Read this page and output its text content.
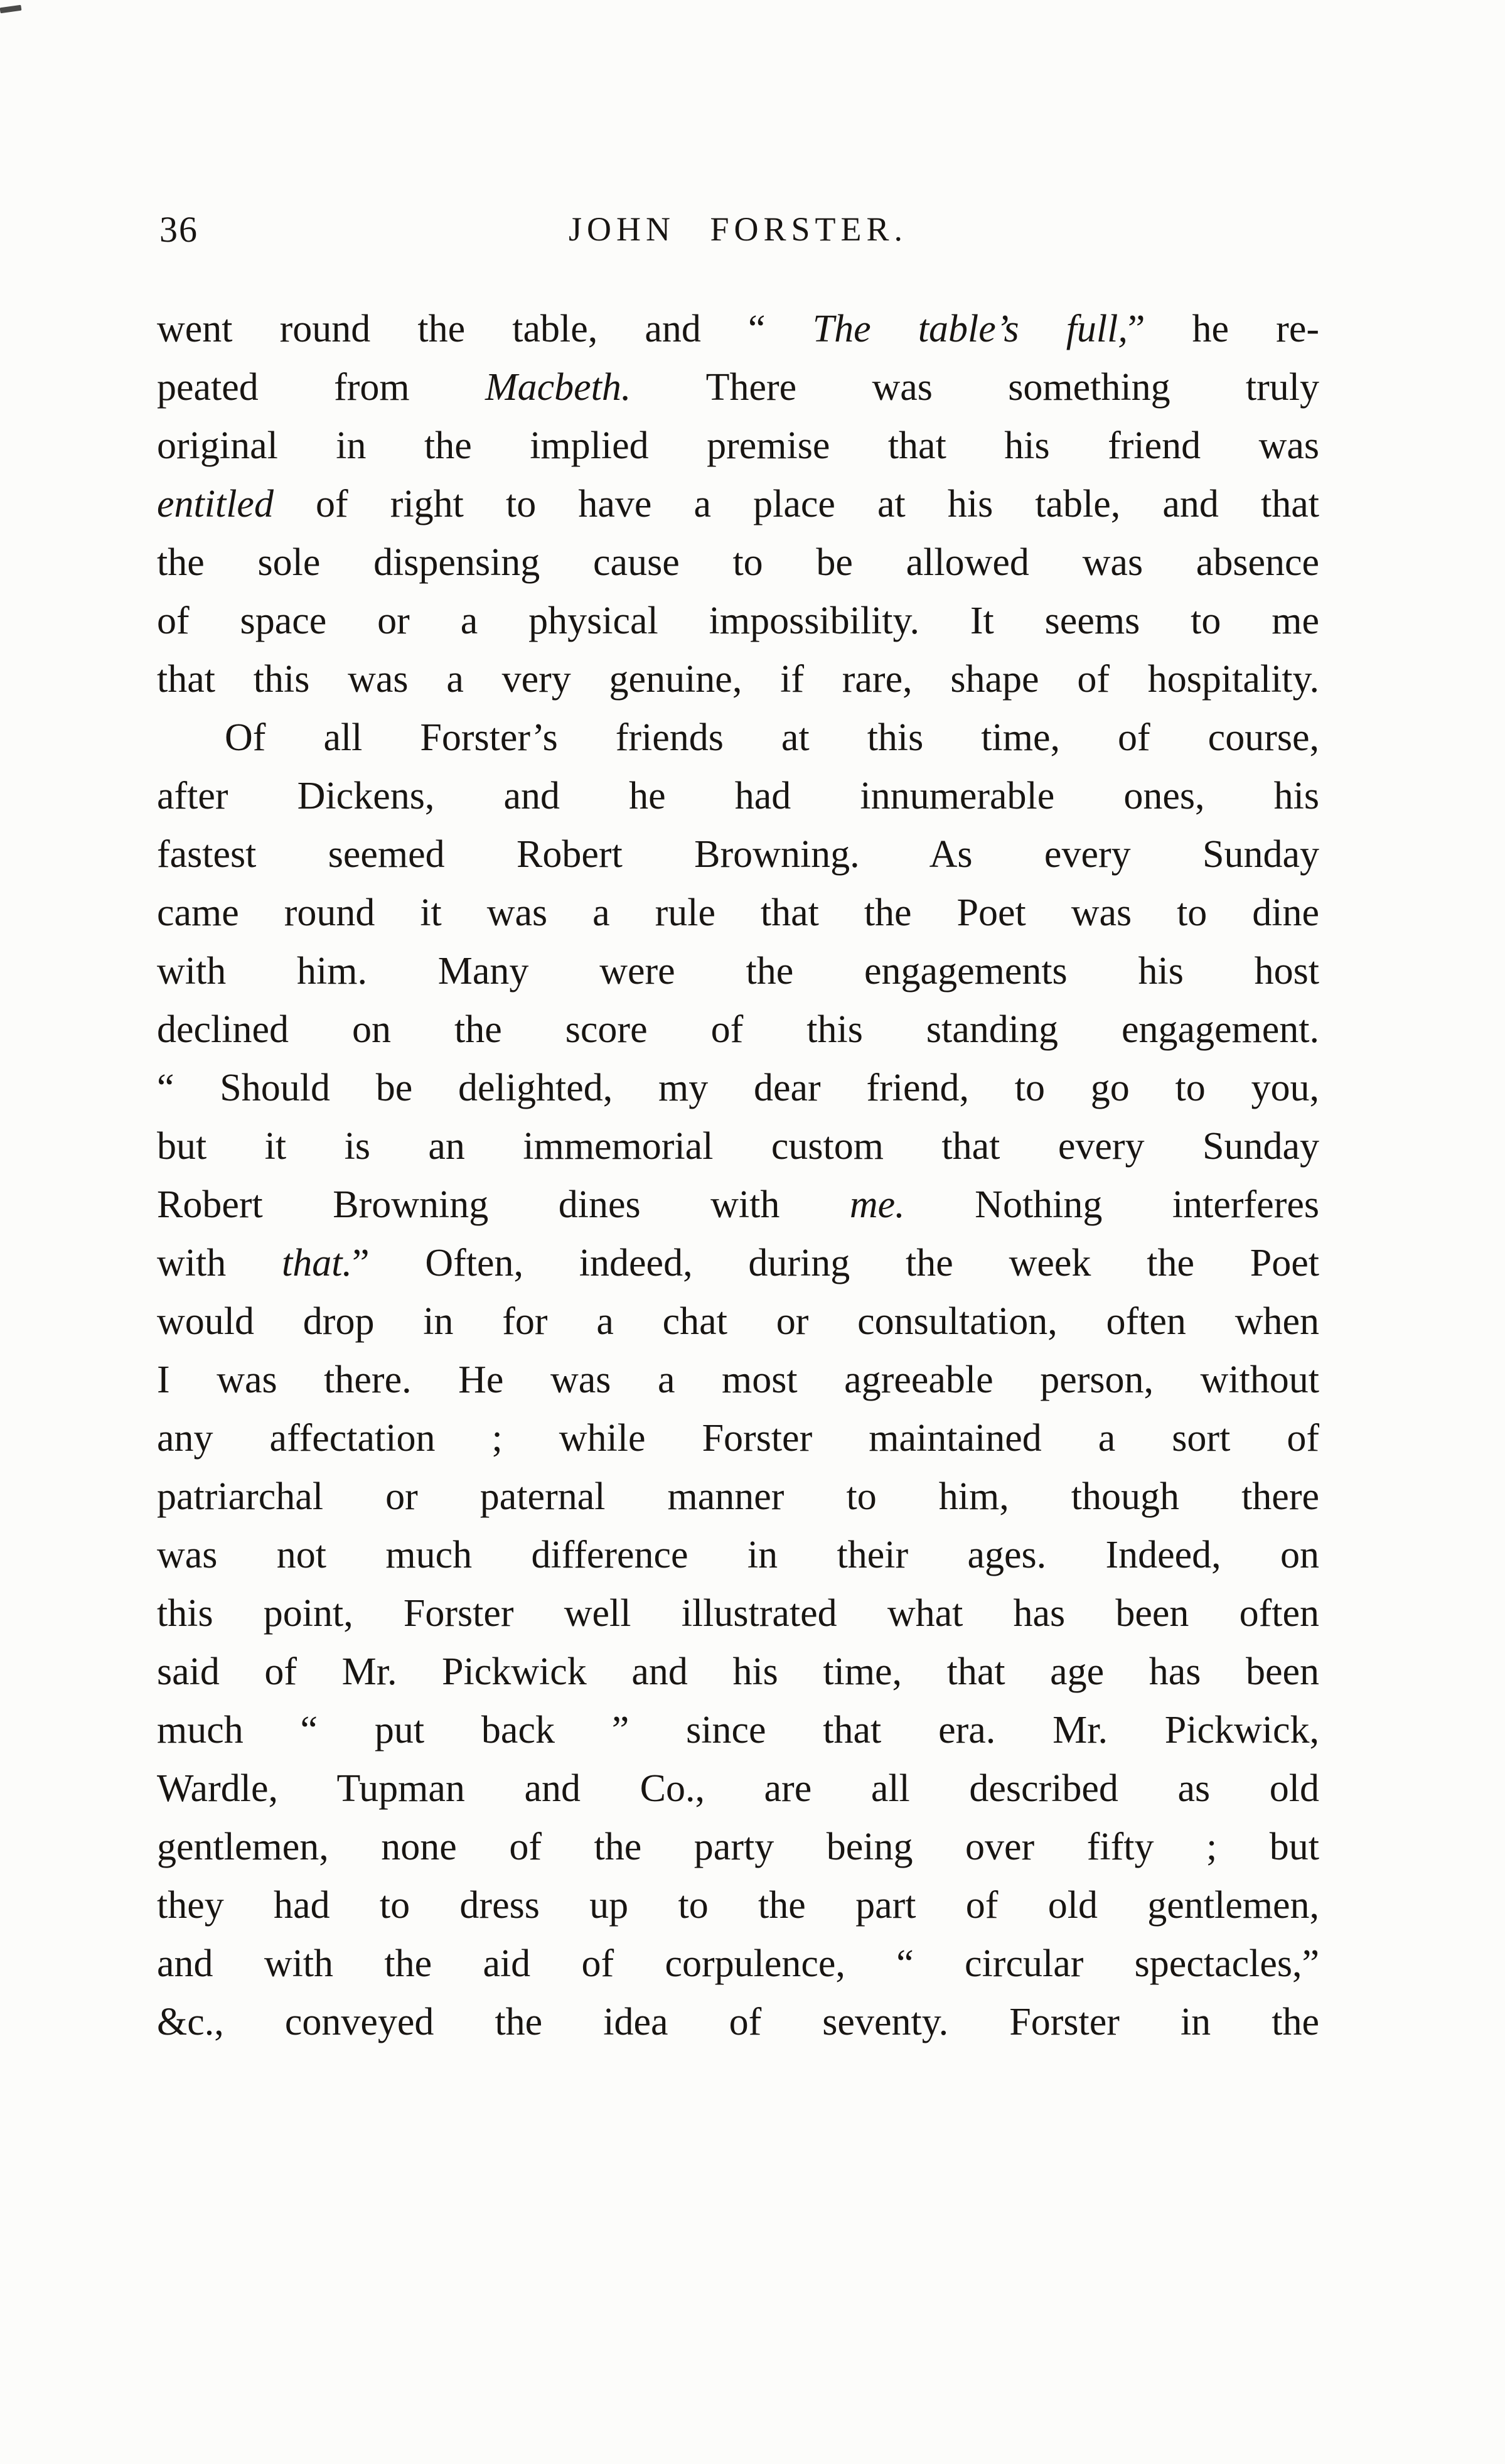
36	JOHN FORSTER.
went round the table, and “ The table’s full,” he re-
peated from Macbeth. There was something truly
original in the implied premise that his friend was
entitled of right to have a place at his table, and that
the sole dispensing cause to be allowed was absence
of space or a physical impossibility. It seems to me
that this was a very genuine, if rare, shape of hospitality.
Of all Forster’s friends at this time, of course,
after Dickens, and he had innumerable ones, his
fastest seemed Robert Browning. As every Sunday
came round it was a rule that the Poet was to dine
with him. Many were the engagements his host
declined on the score of this standing engagement.
“ Should be delighted, my dear friend, to go to you,
but it is an immemorial custom that every Sunday
Robert Browning dines with me. Nothing interferes
with that.” Often, indeed, during the week the Poet
would drop in for a chat or consultation, often when
I was there. He was a most agreeable person, without
any affectation ; while Forster maintained a sort of
patriarchal or paternal manner to him, though there
was not much difference in their ages. Indeed, on
this point, Forster well illustrated what has been often
said of Mr. Pickwick and his time, that age has been
much “ put back ” since that era. Mr. Pickwick,
Wardle, Tupman and Co., are all described as old
gentlemen, none of the party being over fifty ; but
they had to dress up to the part of old gentlemen,
and with the aid of corpulence, “ circular spectacles,”
&c., conveyed the idea of seventy. Forster in the
